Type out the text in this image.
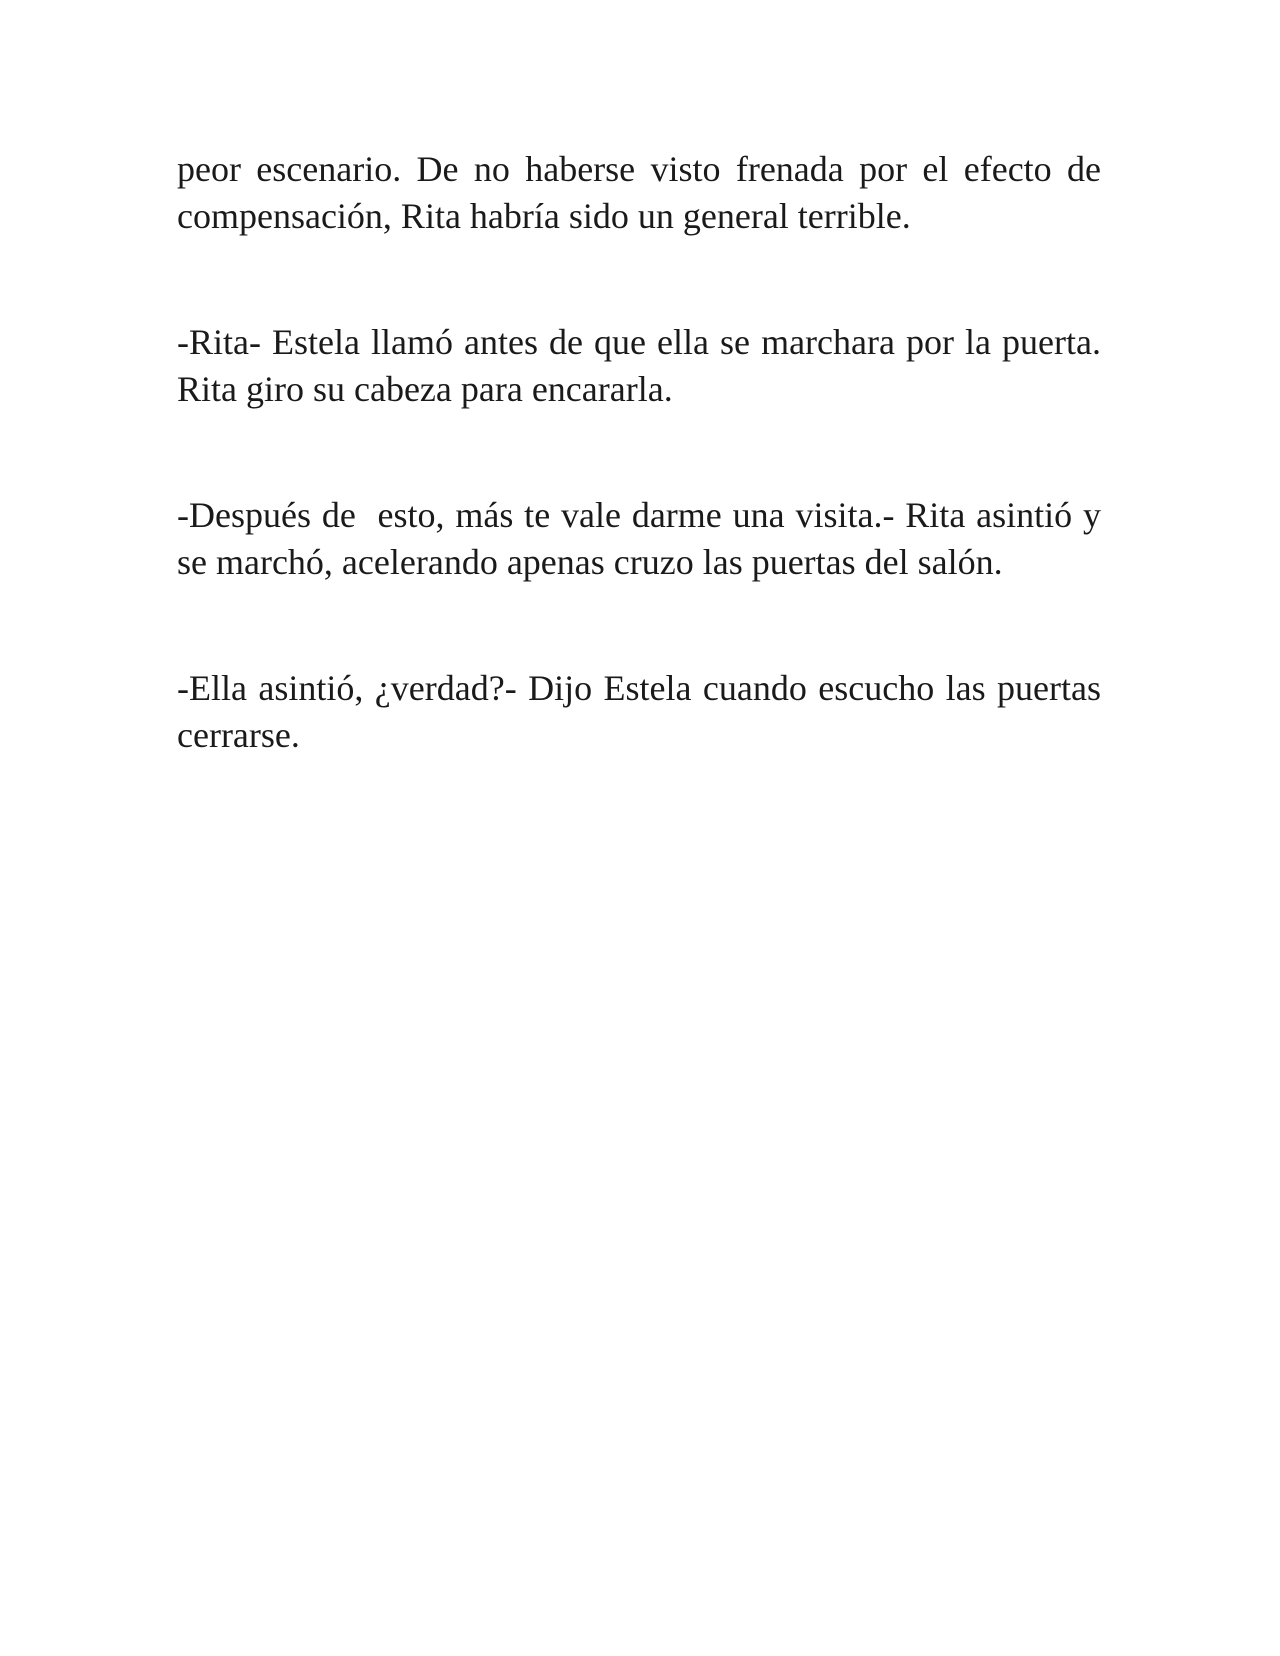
peor escenario. De no haberse visto frenada por el efecto de compensación, Rita habría sido un general terrible.

-Rita- Estela llamó antes de que ella se marchara por la puerta. Rita giro su cabeza para encararla.

-Después de  esto, más te vale darme una visita.- Rita asintió y se marchó, acelerando apenas cruzo las puertas del salón.

-Ella asintió, ¿verdad?- Dijo Estela cuando escucho las puertas cerrarse.
